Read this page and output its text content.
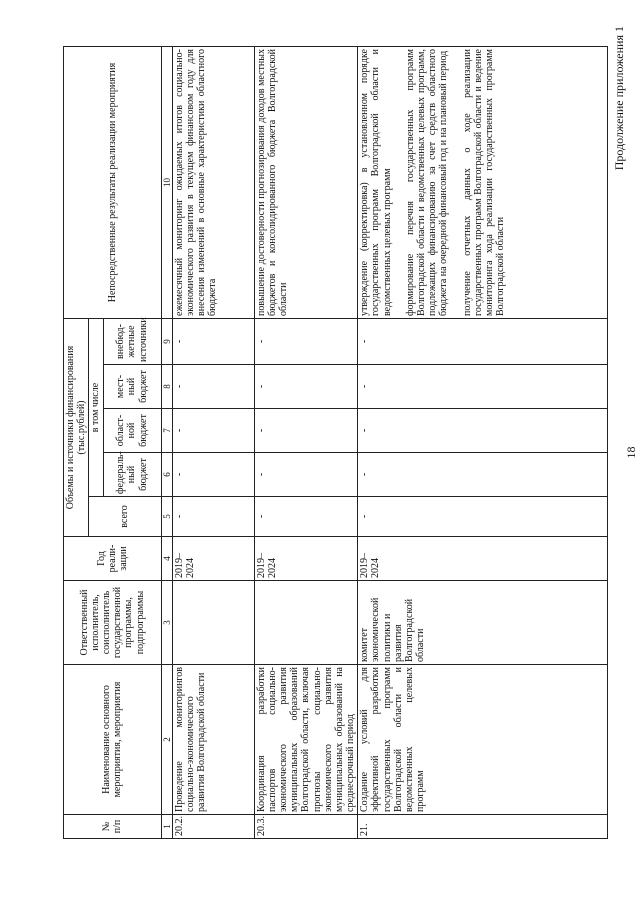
18
Продолжение приложения 1
№ п/п	Наименование основного мероприятия, мероприятия	Ответственный исполнитель, соисполнитель государственной программы, подпрограммы	Год реали-зации	Объемы и источники финансирования (тыс.рублей)					Непосредственные результаты реализации мероприятия
				всего	в том числе				
					федераль-ный бюджет	област-ной бюджет	мест-ный бюджет	внебюд-жетные источники	
1	2	3	4	5	6	7	8	9	10
20.2.	Проведение мониторингов социально-экономического развития Волгоградской области		2019–2024	-	-	-	-	-	ежемесячный мониторинг ожидаемых итогов социально-экономического развития в текущем финансовом году для внесения изменений в основные характеристики областного бюджета
20.3.	Координация разработки паспортов социально-экономического развития муниципальных образований Волгоградской области, включая прогнозы социально-экономического развития муниципальных образований на среднесрочный период		2019–2024	-	-	-	-	-	повышение достоверности прогнозирования доходов местных бюджетов и консолидированного бюджета Волгоградской области
21.	Создание условий для эффективной разработки государственных программ Волгоградской области и ведомственных целевых программ	комитет экономической политики и развития Волгоградской области	2019–2024	-	-	-	-	-	утверждение (корректировка) в установленном порядке государственных программ Волгоградской области и ведомственных целевых программ формирование перечня государственных программ Волгоградской области и ведомственных целевых программ, подлежащих финансированию за счет средств областного бюджета на очередной финансовый год и на плановый период получение отчетных данных о ходе реализации государственных программ Волгоградской области и ведение мониторинга хода реализации государственных программ Волгоградской области
